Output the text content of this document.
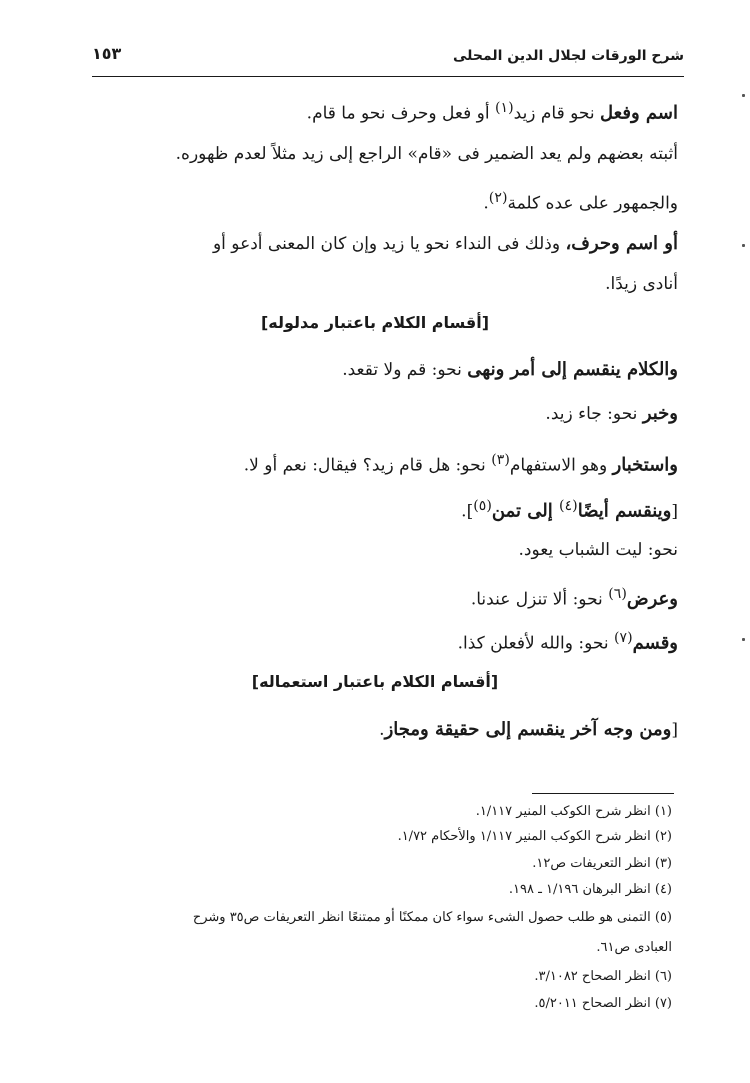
شرح الورقات لجلال الدين المحلى
١٥٣
اسم وفعل نحو قام زيد$^{(١)}$ أو فعل وحرف نحو ما قام.
أثبته بعضهم ولم يعد الضمير فى «قام» الراجع إلى زيد مثلاً لعدم ظهوره.
والجمهور على عده كلمة$^{(٢)}$.
أو اسم وحرف، وذلك فى النداء نحو يا زيد وإن كان المعنى أدعو أو
أنادى زيدًا.
[أقسام الكلام باعتبار مدلوله]
والكلام ينقسم إلى أمر ونهى نحو: قم ولا تقعد.
وخبر نحو: جاء زيد.
واستخبار وهو الاستفهام$^{(٣)}$ نحو: هل قام زيد؟ فيقال: نعم أو لا.
[وينقسم أيضًا$^{(٤)}$ إلى تمن$^{(٥)}$].
نحو: ليت الشباب يعود.
وعرض$^{(٦)}$ نحو: ألا تنزل عندنا.
وقسم$^{(٧)}$ نحو: والله لأفعلن كذا.
[أقسام الكلام باعتبار استعماله]
[ومن وجه آخر ينقسم إلى حقيقة ومجاز.
(١) انظر شرح الكوكب المنير ١/١١٧.
(٢) انظر شرح الكوكب المنير ١/١١٧ والأحكام ١/٧٢.
(٣) انظر التعريفات ص١٢.
(٤) انظر البرهان ١/١٩٦ ـ ١٩٨.
(٥) التمنى هو طلب حصول الشىء سواء كان ممكنًا أو ممتنعًا انظر التعريفات ص٣٥ وشرح
العبادى ص٦١.
(٦) انظر الصحاح ٣/١٠٨٢.
(٧) انظر الصحاح ٥/٢٠١١.
